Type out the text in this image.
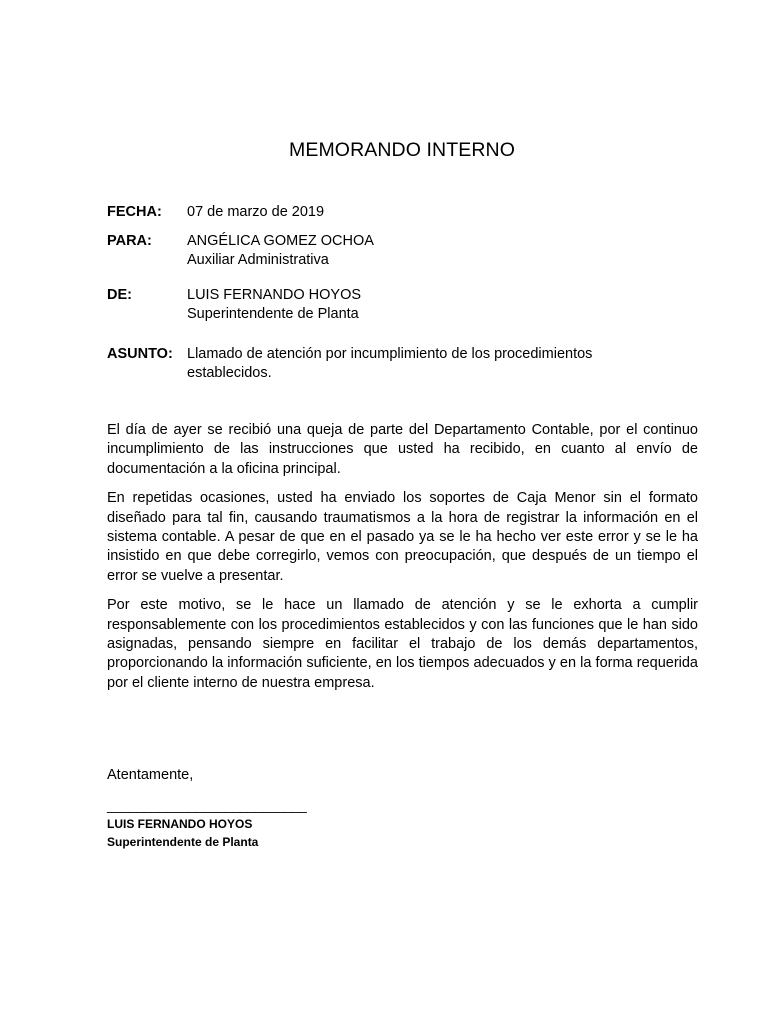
MEMORANDO INTERNO
FECHA: 07 de marzo de 2019
PARA: ANGÉLICA GOMEZ OCHOA
Auxiliar Administrativa
DE:	LUIS FERNANDO HOYOS
Superintendente de Planta
ASUNTO: Llamado de atención por incumplimiento de los procedimientos
establecidos.

El día de ayer se recibió una queja de parte del Departamento Contable, por el continuo incumplimiento de las instrucciones que usted ha recibido, en cuanto al envío de documentación a la oficina principal.

En repetidas ocasiones, usted ha enviado los soportes de Caja Menor sin el formato diseñado para tal fin, causando traumatismos a la hora de registrar la información en el sistema contable. A pesar de que en el pasado ya se le ha hecho ver este error y se le ha insistido en que debe corregirlo, vemos con preocupación, que después de un tiempo el error se vuelve a presentar.

Por este motivo, se le hace un llamado de atención y se le exhorta a cumplir responsablemente con los procedimientos establecidos y con las funciones que le han sido asignadas, pensando siempre en facilitar el trabajo de los demás departamentos, proporcionando la información suficiente, en los tiempos adecuados y en la forma requerida por el cliente interno de nuestra empresa.

Atentamente,
___________________________
LUIS FERNANDO HOYOS
Superintendente de Planta
